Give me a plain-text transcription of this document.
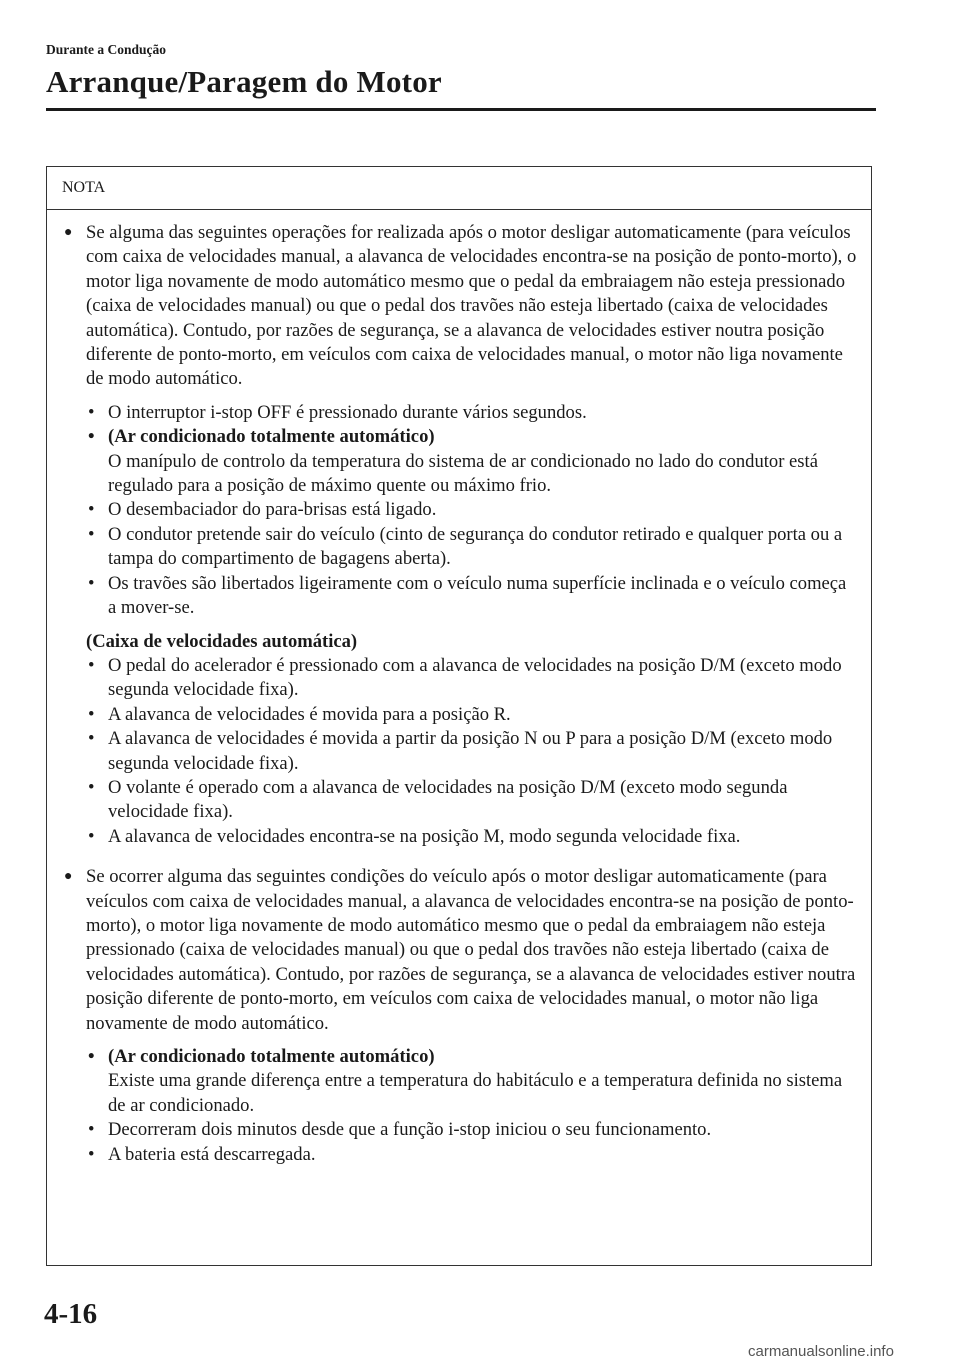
Durante a Condução
Arranque/Paragem do Motor
NOTA
● Se alguma das seguintes operações for realizada após o motor desligar automaticamente (para veículos com caixa de velocidades manual, a alavanca de velocidades encontra-se na posição de ponto-morto), o motor liga novamente de modo automático mesmo que o pedal da embraiagem não esteja pressionado (caixa de velocidades manual) ou que o pedal dos travões não esteja libertado (caixa de velocidades automática). Contudo, por razões de segurança, se a alavanca de velocidades estiver noutra posição diferente de ponto-morto, em veículos com caixa de velocidades manual, o motor não liga novamente de modo automático.
• O interruptor i-stop OFF é pressionado durante vários segundos.
• (Ar condicionado totalmente automático)
O manípulo de controlo da temperatura do sistema de ar condicionado no lado do condutor está regulado para a posição de máximo quente ou máximo frio.
• O desembaciador do para-brisas está ligado.
• O condutor pretende sair do veículo (cinto de segurança do condutor retirado e qualquer porta ou a tampa do compartimento de bagagens aberta).
• Os travões são libertados ligeiramente com o veículo numa superfície inclinada e o veículo começa a mover-se.
(Caixa de velocidades automática)
• O pedal do acelerador é pressionado com a alavanca de velocidades na posição D/M (exceto modo segunda velocidade fixa).
• A alavanca de velocidades é movida para a posição R.
• A alavanca de velocidades é movida a partir da posição N ou P para a posição D/M (exceto modo segunda velocidade fixa).
• O volante é operado com a alavanca de velocidades na posição D/M (exceto modo segunda velocidade fixa).
• A alavanca de velocidades encontra-se na posição M, modo segunda velocidade fixa.
● Se ocorrer alguma das seguintes condições do veículo após o motor desligar automaticamente (para veículos com caixa de velocidades manual, a alavanca de velocidades encontra-se na posição de ponto-morto), o motor liga novamente de modo automático mesmo que o pedal da embraiagem não esteja pressionado (caixa de velocidades manual) ou que o pedal dos travões não esteja libertado (caixa de velocidades automática). Contudo, por razões de segurança, se a alavanca de velocidades estiver noutra posição diferente de ponto-morto, em veículos com caixa de velocidades manual, o motor não liga novamente de modo automático.
• (Ar condicionado totalmente automático)
Existe uma grande diferença entre a temperatura do habitáculo e a temperatura definida no sistema de ar condicionado.
• Decorreram dois minutos desde que a função i-stop iniciou o seu funcionamento.
• A bateria está descarregada.
4-16
carmanualsonline.info
